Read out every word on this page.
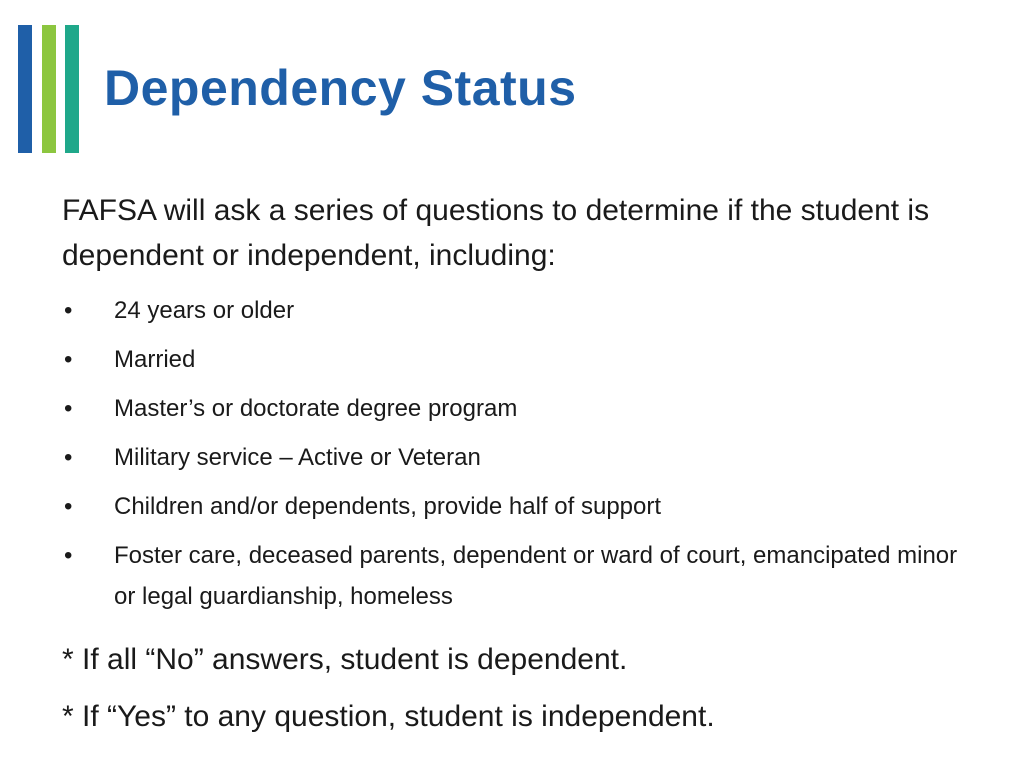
Dependency Status

FAFSA will ask a series of questions to determine if the student is dependent or independent, including:

•	24 years or older
•	Married
•	Master’s or doctorate degree program
•	Military service – Active or Veteran
•	Children and/or dependents, provide half of support
•	Foster care, deceased parents, dependent or ward of court, emancipated minor or legal guardianship, homeless

* If all “No” answers, student is dependent.

* If “Yes” to any question, student is independent.
